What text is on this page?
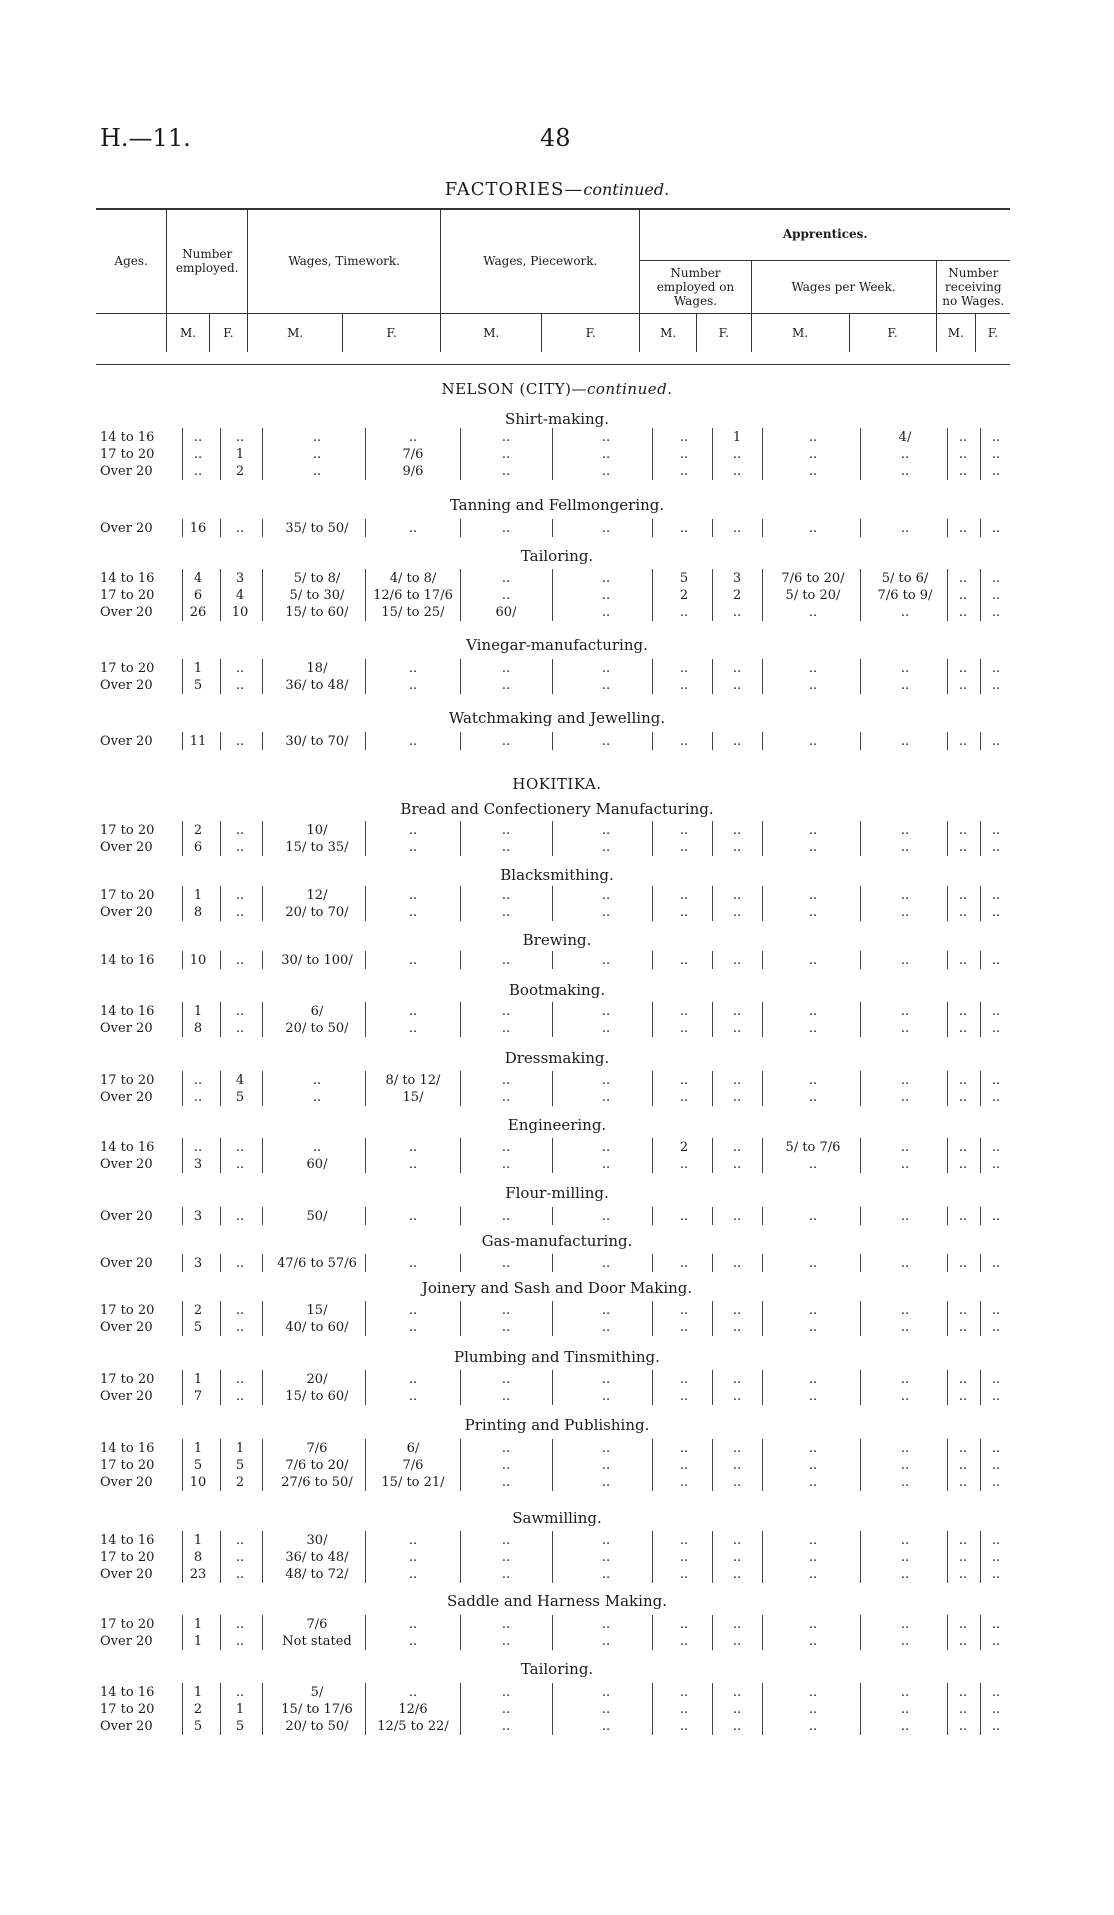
H.—11.	48
FACTORIES—continued.
Ages.	Number employed.		Wages, Timework.		Wages, Piecework.		Apprentices.					
							Number employed on Wages.		Wages per Week.		Number receiving no Wages.	
	M.	F.	M.	F.	M.	F.	M.	F.	M.	F.	M.	F.
NELSON (CITY)—continued.
Shirt-making.
14 to 16	..	..	..	..	..	..	..	1	..	4/	..	..
17 to 20	..	1	..	7/6	..	..	..	..	..	..	..	..
Over 20	..	2	..	9/6	..	..	..	..	..	..	..	..
Tanning and Fellmongering.
Over 20	16	..	35/ to 50/	..	..	..	..	..	..	..	..	..
Tailoring.
14 to 16	4	3	5/ to 8/	4/ to 8/	..	..	5	3	7/6 to 20/	5/ to 6/	..	..
17 to 20	6	4	5/ to 30/	12/6 to 17/6	..	..	2	2	5/ to 20/	7/6 to 9/	..	..
Over 20	26	10	15/ to 60/	15/ to 25/	60/	..	..	..	..	..	..	..
Vinegar-manufacturing.
17 to 20	1	..	18/	..	..	..	..	..	..	..	..	..
Over 20	5	..	36/ to 48/	..	..	..	..	..	..	..	..	..
Watchmaking and Jewelling.
Over 20	11	..	30/ to 70/	..	..	..	..	..	..	..	..	..
HOKITIKA.
Bread and Confectionery Manufacturing.
17 to 20	2	..	10/	..	..	..	..	..	..	..	..	..
Over 20	6	..	15/ to 35/	..	..	..	..	..	..	..	..	..
Blacksmithing.
17 to 20	1	..	12/	..	..	..	..	..	..	..	..	..
Over 20	8	..	20/ to 70/	..	..	..	..	..	..	..	..	..
Brewing.
14 to 16	10	..	30/ to 100/	..	..	..	..	..	..	..	..	..
Bootmaking.
14 to 16	1	..	6/	..	..	..	..	..	..	..	..	..
Over 20	8	..	20/ to 50/	..	..	..	..	..	..	..	..	..
Dressmaking.
17 to 20	..	4	..	8/ to 12/	..	..	..	..	..	..	..	..
Over 20	..	5	..	15/	..	..	..	..	..	..	..	..
Engineering.
14 to 16	..	..	..	..	..	..	2	..	5/ to 7/6	..	..	..
Over 20	3	..	60/	..	..	..	..	..	..	..	..	..
Flour-milling.
Over 20	3	..	50/	..	..	..	..	..	..	..	..	..
Gas-manufacturing.
Over 20	3	..	47/6 to 57/6	..	..	..	..	..	..	..	..	..
Joinery and Sash and Door Making.
17 to 20	2	..	15/	..	..	..	..	..	..	..	..	..
Over 20	5	..	40/ to 60/	..	..	..	..	..	..	..	..	..
Plumbing and Tinsmithing.
17 to 20	1	..	20/	..	..	..	..	..	..	..	..	..
Over 20	7	..	15/ to 60/	..	..	..	..	..	..	..	..	..
Printing and Publishing.
14 to 16	1	1	7/6	6/	..	..	..	..	..	..	..	..
17 to 20	5	5	7/6 to 20/	7/6	..	..	..	..	..	..	..	..
Over 20	10	2	27/6 to 50/	15/ to 21/	..	..	..	..	..	..	..	..
Sawmilling.
14 to 16	1	..	30/	..	..	..	..	..	..	..	..	..
17 to 20	8	..	36/ to 48/	..	..	..	..	..	..	..	..	..
Over 20	23	..	48/ to 72/	..	..	..	..	..	..	..	..	..
Saddle and Harness Making.
17 to 20	1	..	7/6	..	..	..	..	..	..	..	..	..
Over 20	1	..	Not stated	..	..	..	..	..	..	..	..	..
Tailoring.
14 to 16	1	..	5/	..	..	..	..	..	..	..	..	..
17 to 20	2	1	15/ to 17/6	12/6	..	..	..	..	..	..	..	..
Over 20	5	5	20/ to 50/	12/5 to 22/	..	..	..	..	..	..	..	..
